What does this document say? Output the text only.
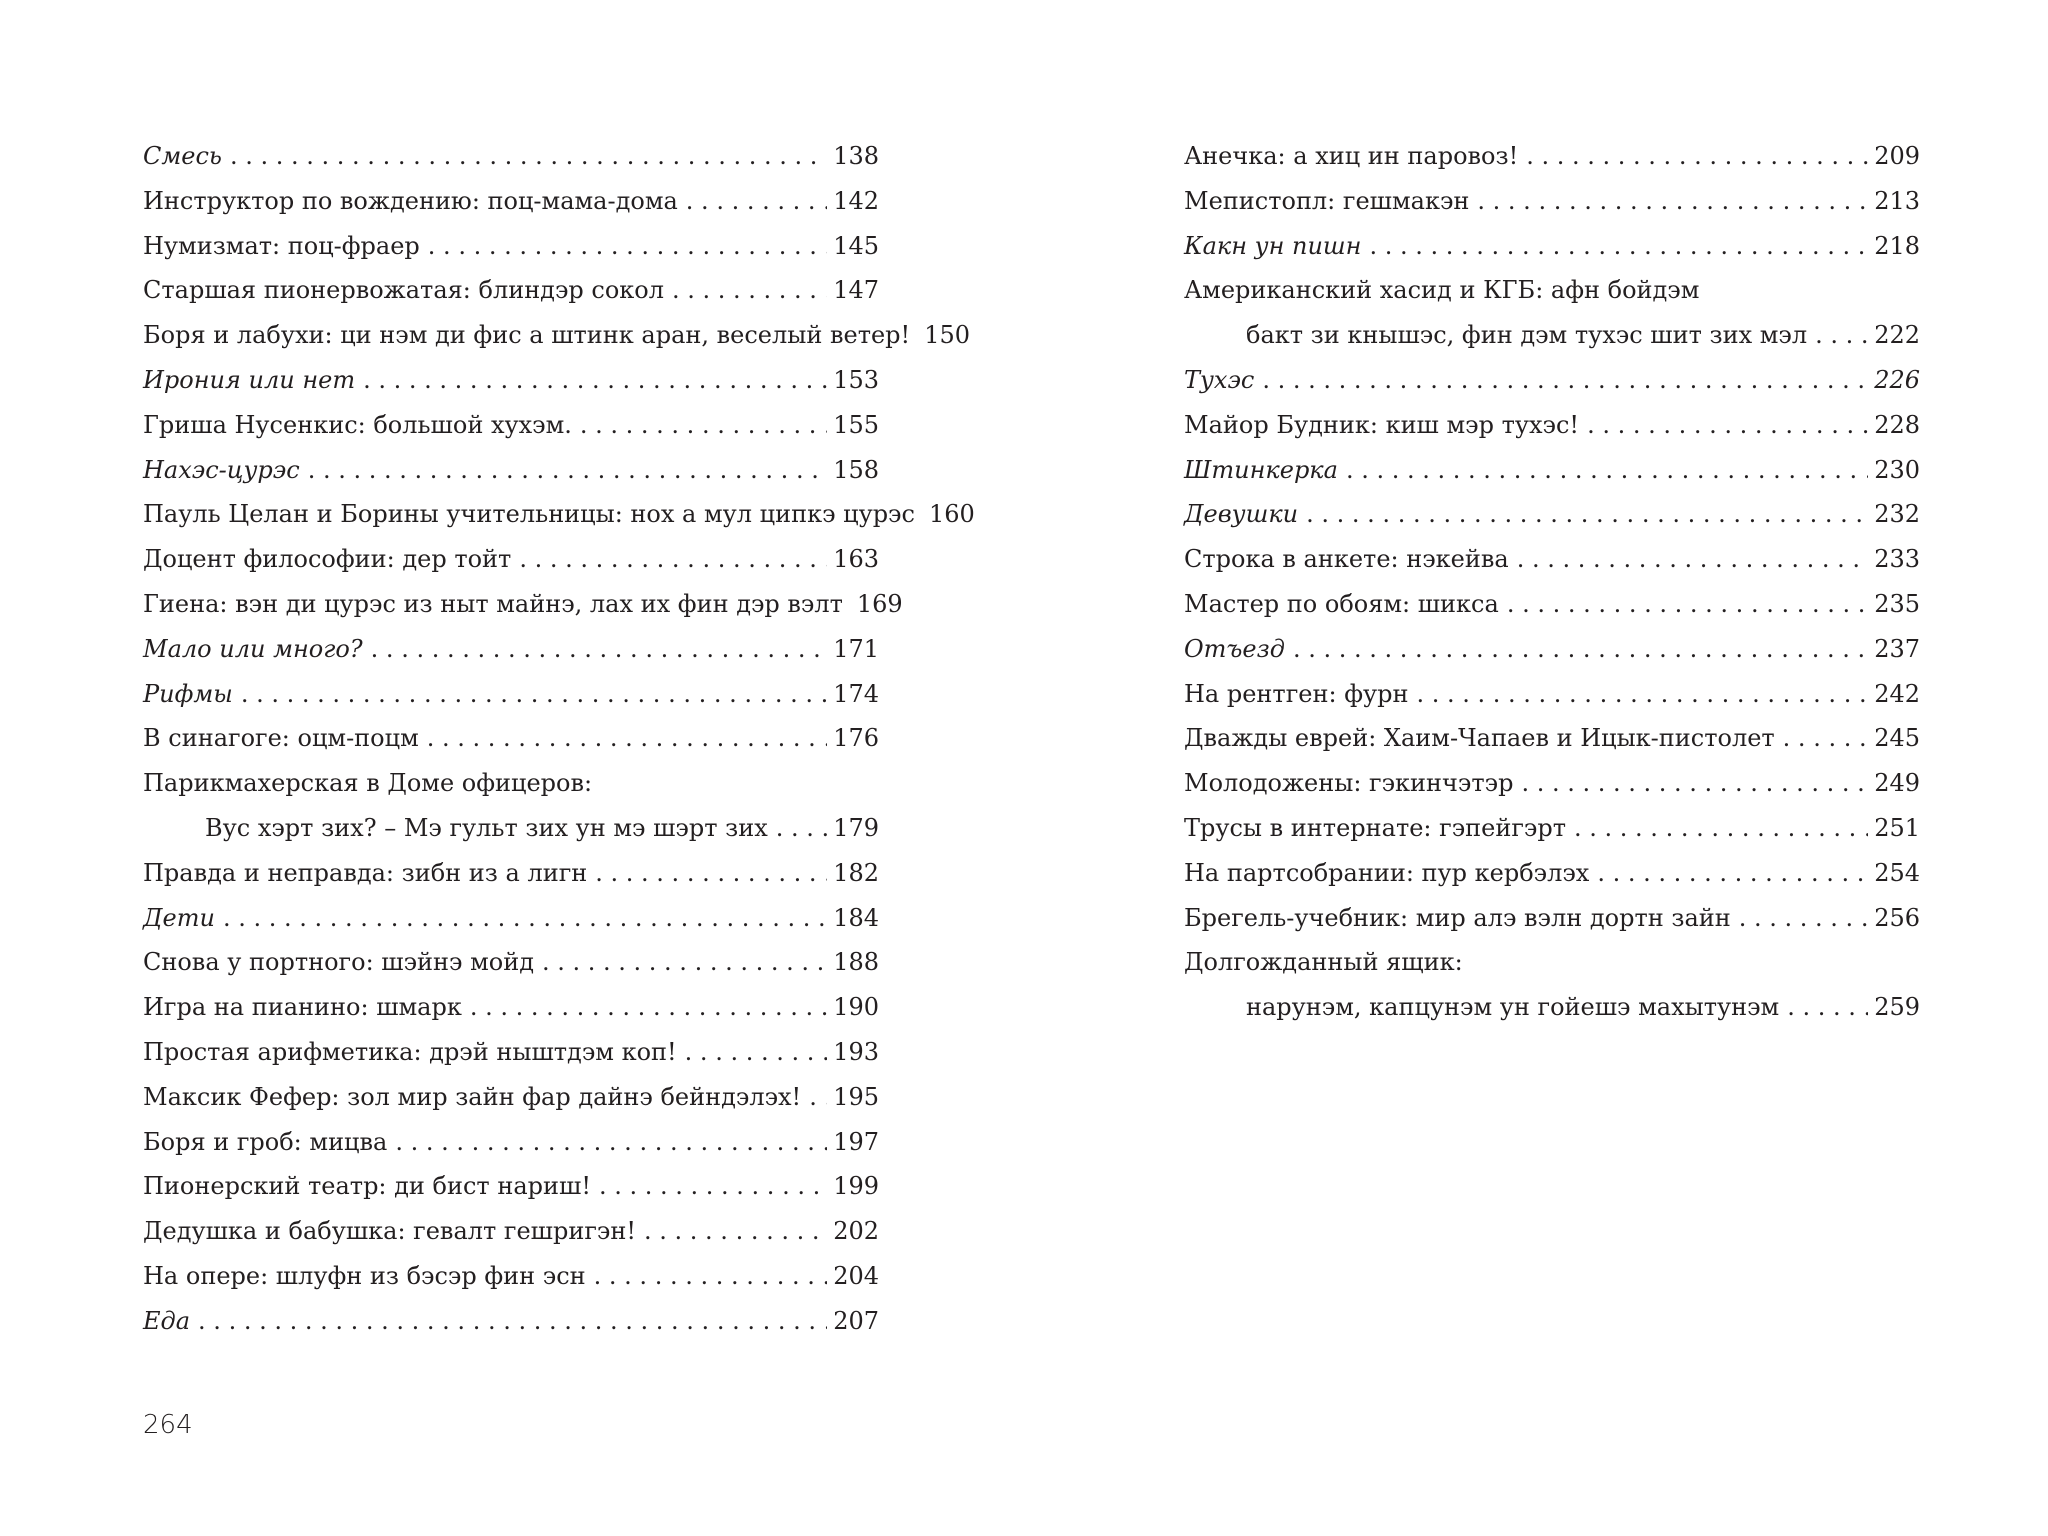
Смесь . . .	138
Инструктор по вождению: поц-мама-дома . . .	142
Нумизмат: поц-фраер . . .	145
Старшая пионервожатая: блиндэр сокол . . .	147
Боря и лабухи: ци нэм ди фис а штинк аран, веселый ветер! 150
Ирония или нет . . .	153
Гриша Нусенкис: большой хухэм. . . .	155
Нахэс-цурэс . . .	158
Пауль Целан и Борины учительницы: нох а мул ципкэ цурэс 160
Доцент философии: дер тойт . . .	163
Гиена: вэн ди цурэс из ныт майнэ, лах их фин дэр вэлт 169
Мало или много? . . .	171
Рифмы . . .	174
В синагоге: оцм-поцм . . .	176
Парикмахерская в Доме офицеров:
Вус хэрт зих? – Мэ гульт зих ун мэ шэрт зих . . .	179
Правда и неправда: зибн из а лигн . . .	182
Дети . . .	184
Снова у портного: шэйнэ мойд . . .	188
Игра на пианино: шмарк . . .	190
Простая арифметика: дрэй ныштдэм коп! . . .	193
Максик Фефер: зол мир зайн фар дайнэ бейндэлэх! . . . 195
Боря и гроб: мицва . . .	197
Пионерский театр: ди бист нариш! . . .	199
Дедушка и бабушка: гевалт гешригэн! . . .	202
На опере: шлуфн из бэсэр фин эсн . . .	204
Еда . . .	207
Анечка: а хиц ин паровоз! . . .	209
Мепистопл: гешмакэн . . .	213
Какн ун пишн . . .	218
Американский хасид и КГБ: афн бойдэм
бакт зи кнышэс, фин дэм тухэс шит зих мэл . . .	222
Тухэс . . .	226
Майор Будник: киш мэр тухэс! . . .	228
Штинкерка . . .	230
Девушки . . .	232
Строка в анкете: нэкейва . . .	233
Мастер по обоям: шикса . . .	235
Отъезд . . .	237
На рентген: фурн . . .	242
Дважды еврей: Хаим-Чапаев и Ицык-пистолет . . .	245
Молодожены: гэкинчэтэр . . .	249
Трусы в интернате: гэпейгэрт . . .	251
На партсобрании: пур кербэлэх . . .	254
Брегель-учебник: мир алэ вэлн дортн зайн . . .	256
Долгожданный ящик:
нарунэм, капцунэм ун гойешэ махытунэм . . .	259
264
